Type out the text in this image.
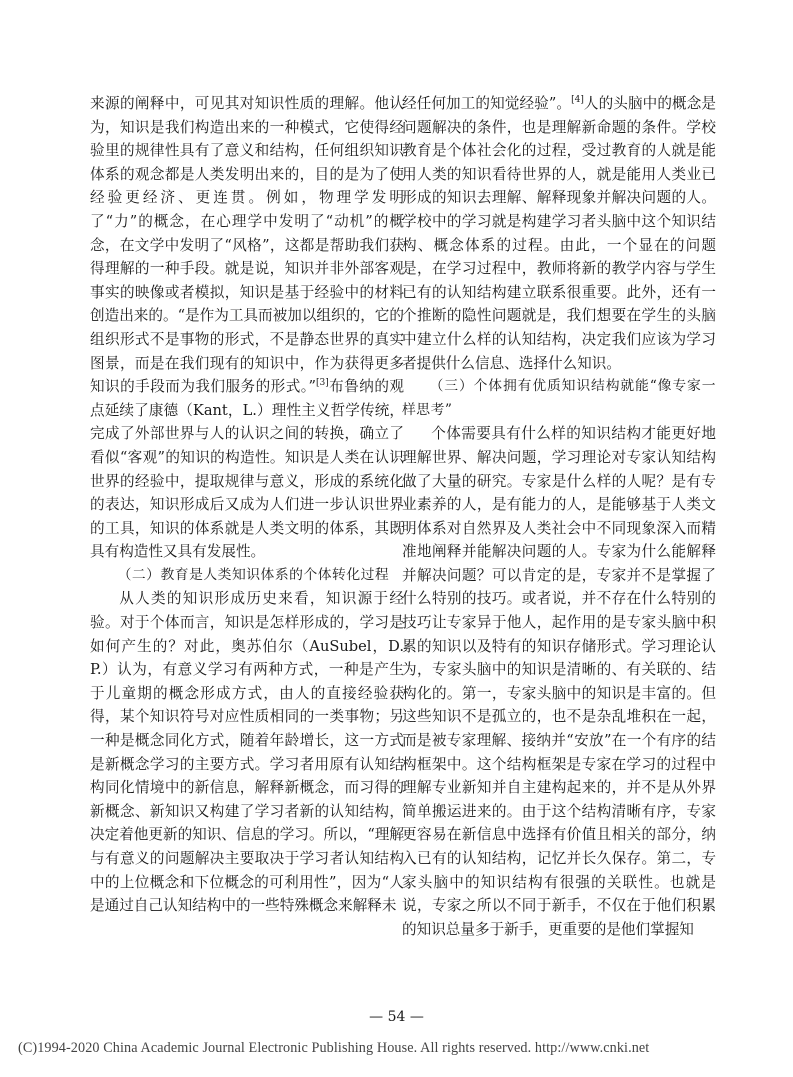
来源的阐释中，可见其对知识性质的理解。他认为，知识是我们构造出来的一种模式，它使得经验里的规律性具有了意义和结构，任何组织知识体系的观念都是人类发明出来的，目的是为了使经验更经济、更连贯。例如，物理学发明了“力”的概念，在心理学中发明了“动机”的概念，在文学中发明了“风格”，这都是帮助我们获得理解的一种手段。就是说，知识并非外部客观事实的映像或者模拟，知识是基于经验中的材料创造出来的。“是作为工具而被加以组织的，它的组织形式不是事物的形式，不是静态世界的真实图景，而是在我们现有的知识中，作为获得更多知识的手段而为我们服务的形式。”[3]布鲁纳的观点延续了康德（Kant，L.）理性主义哲学传统，完成了外部世界与人的认识之间的转换，确立了看似“客观”的知识的构造性。知识是人类在认识世界的经验中，提取规律与意义，形成的系统化的表达，知识形成后又成为人们进一步认识世界的工具，知识的体系就是人类文明的体系，其既具有构造性又具有发展性。

（二）教育是人类知识体系的个体转化过程

从人类的知识形成历史来看，知识源于经验。对于个体而言，知识是怎样形成的，学习是如何产生的？对此，奥苏伯尔（AuSubel，D. P.）认为，有意义学习有两种方式，一种是产生于儿童期的概念形成方式，由人的直接经验获得，某个知识符号对应性质相同的一类事物；另一种是概念同化方式，随着年龄增长，这一方式是新概念学习的主要方式。学习者用原有认知结构同化情境中的新信息，解释新概念，而习得的新概念、新知识又构建了学习者新的认知结构，决定着他更新的知识、信息的学习。所以，“理解与有意义的问题解决主要取决于学习者认知结构中的上位概念和下位概念的可利用性”，因为“人是通过自己认知结构中的一些特殊概念来解释未

经任何加工的知觉经验”。[4]人的头脑中的概念是问题解决的条件，也是理解新命题的条件。学校教育是个体社会化的过程，受过教育的人就是能用人类的知识看待世界的人，就是能用人类业已形成的知识去理解、解释现象并解决问题的人。学校中的学习就是构建学习者头脑中这个知识结构、概念体系的过程。由此，一个显在的问题是，在学习过程中，教师将新的教学内容与学生已有的认知结构建立联系很重要。此外，还有一个推断的隐性问题就是，我们想要在学生的头脑中建立什么样的认知结构，决定我们应该为学习者提供什么信息、选择什么知识。

（三）个体拥有优质知识结构就能“像专家一样思考”

个体需要具有什么样的知识结构才能更好地理解世界、解决问题，学习理论对专家认知结构做了大量的研究。专家是什么样的人呢？是有专业素养的人，是有能力的人，是能够基于人类文明体系对自然界及人类社会中不同现象深入而精准地阐释并能解决问题的人。专家为什么能解释并解决问题？可以肯定的是，专家并不是掌握了什么特别的技巧。或者说，并不存在什么特别的技巧让专家异于他人，起作用的是专家头脑中积累的知识以及特有的知识存储形式。学习理论认为，专家头脑中的知识是清晰的、有关联的、结构化的。第一，专家头脑中的知识是丰富的。但这些知识不是孤立的，也不是杂乱堆积在一起，而是被专家理解、接纳并“安放”在一个有序的结构框架中。这个结构框架是专家在学习的过程中理解专业新知并自主建构起来的，并不是从外界简单搬运进来的。由于这个结构清晰有序，专家更容易在新信息中选择有价值且相关的部分，纳入已有的认知结构，记忆并长久保存。第二，专家头脑中的知识结构有很强的关联性。也就是说，专家之所以不同于新手，不仅在于他们积累的知识总量多于新手，更重要的是他们掌握知

— 54 —
(C)1994-2020 China Academic Journal Electronic Publishing House. All rights reserved. http://www.cnki.net
